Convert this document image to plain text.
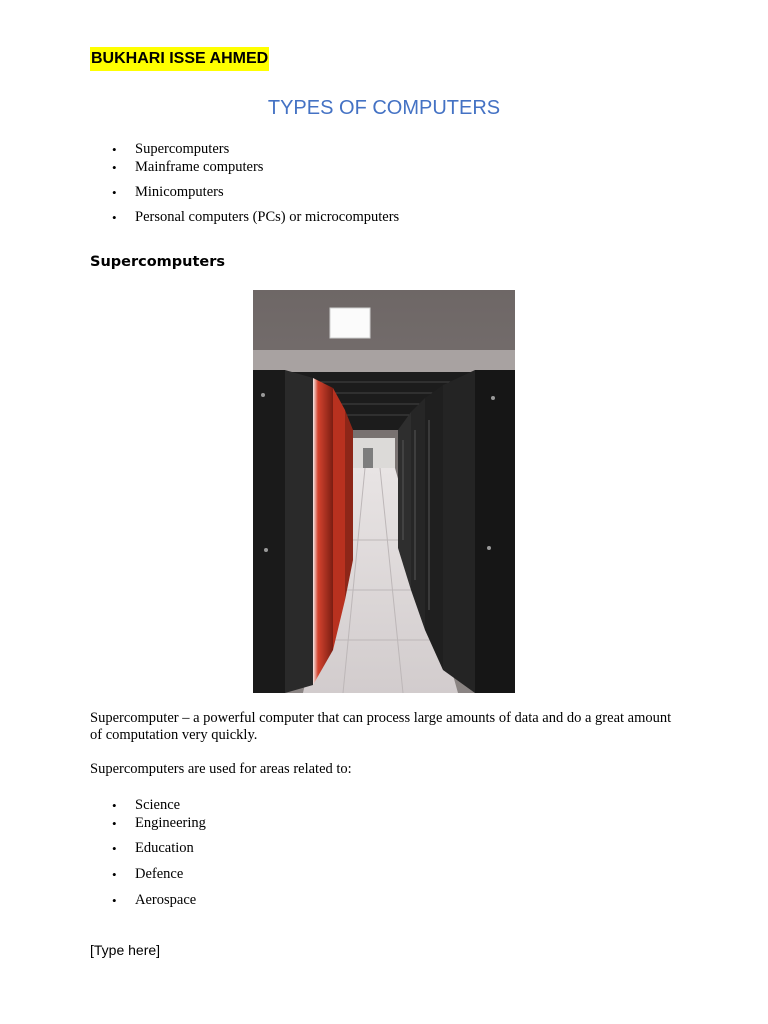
BUKHARI ISSE AHMED
TYPES OF COMPUTERS
• Supercomputers
• Mainframe computers
• Minicomputers
• Personal computers (PCs) or microcomputers
Supercomputers

Supercomputer – a powerful computer that can process large amounts of data and do a great amount of computation very quickly.

Supercomputers are used for areas related to:

• Science
• Engineering
• Education
• Defence
• Aerospace
[Type here]
